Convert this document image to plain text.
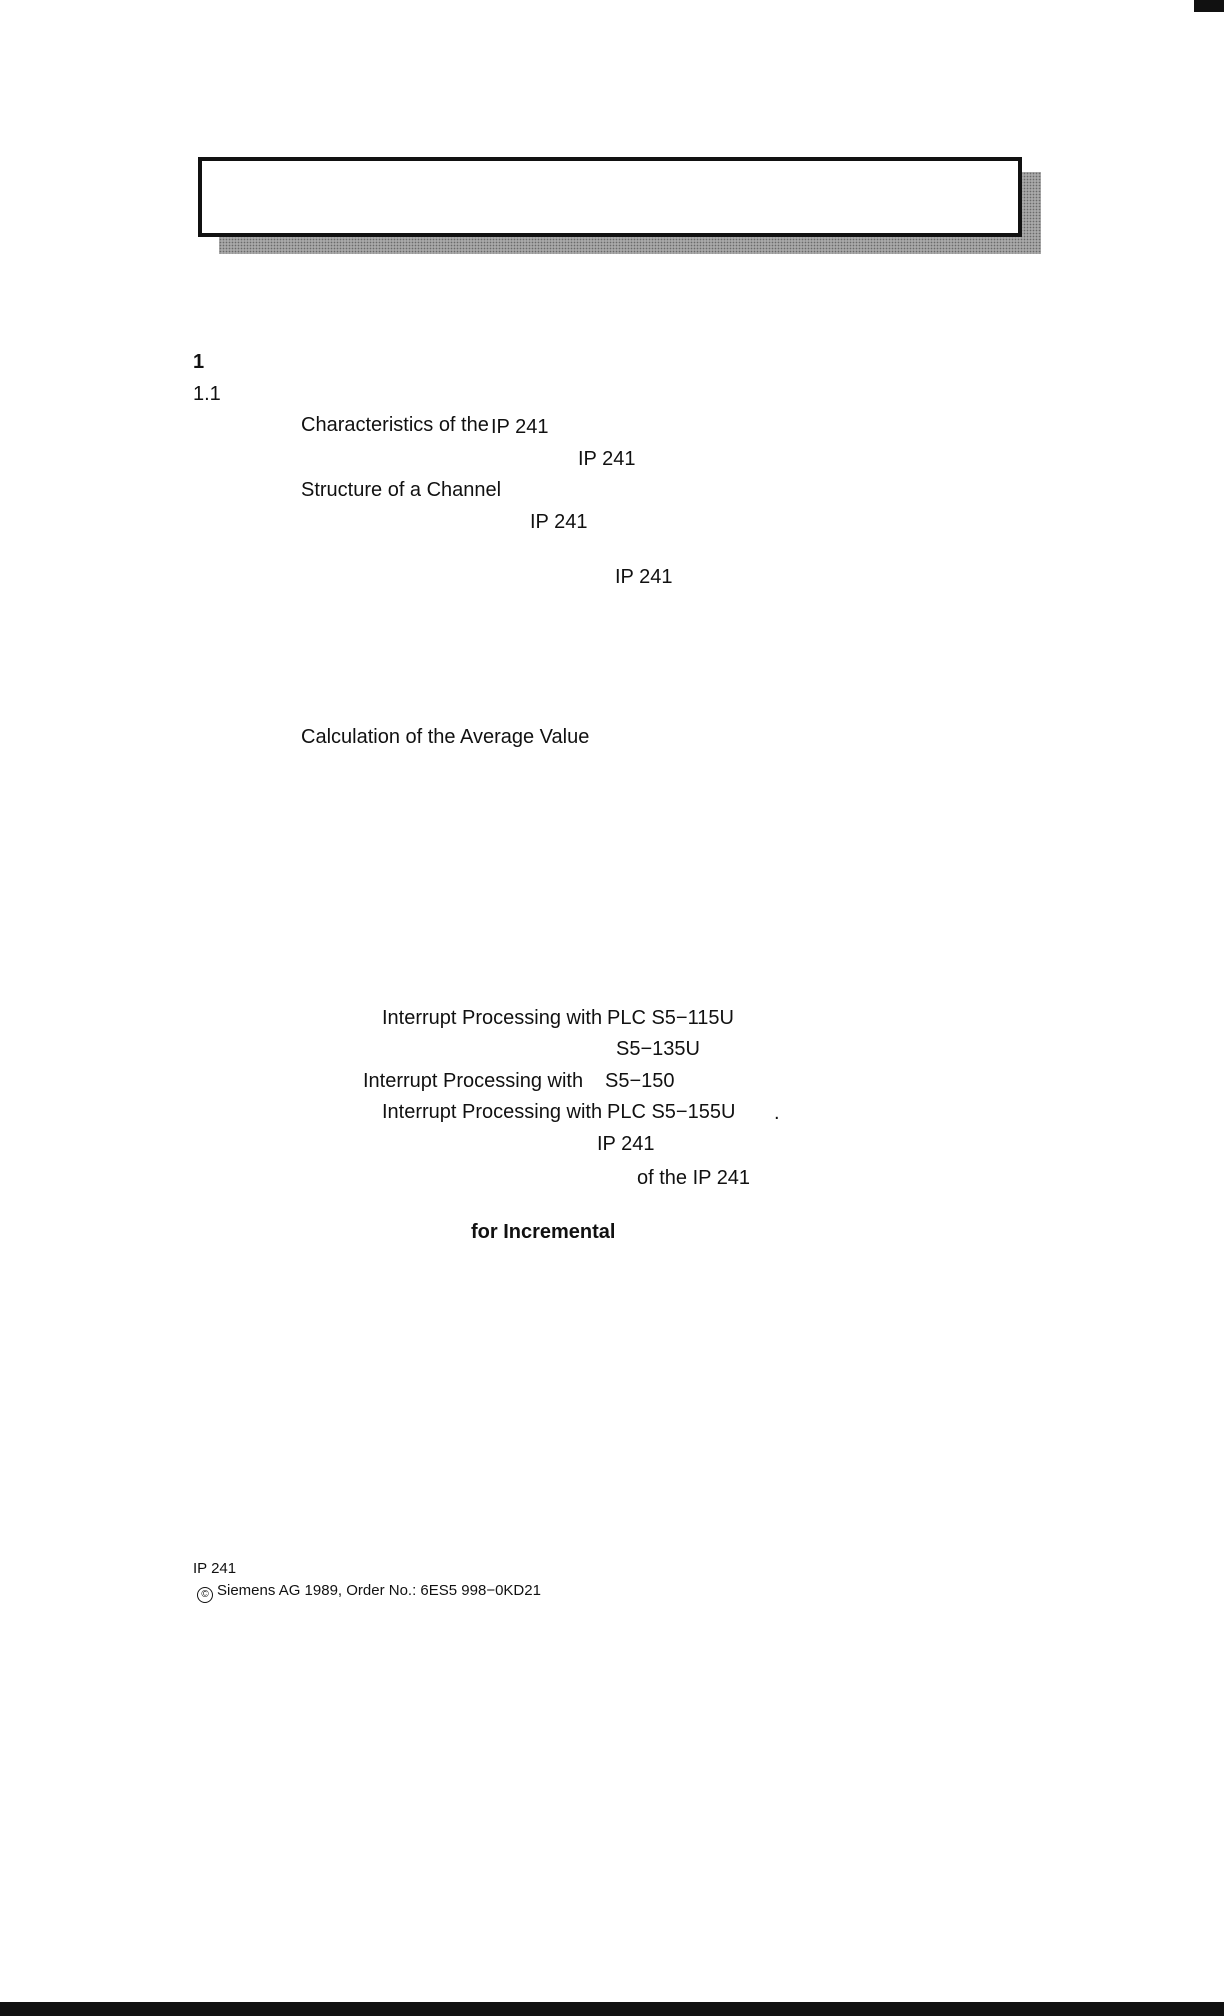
1
1.1
Characteristics of the IP 241
IP 241
Structure of a Channel
IP 241
IP 241
Calculation of the Average Value
Interrupt Processing with PLC S5−115U
S5−135U
Interrupt Processing with S5−150
Interrupt Processing with PLC S5−155U .
IP 241
of the IP 241
for Incremental
IP 241
© Siemens AG 1989, Order No.: 6ES5 998−0KD21
